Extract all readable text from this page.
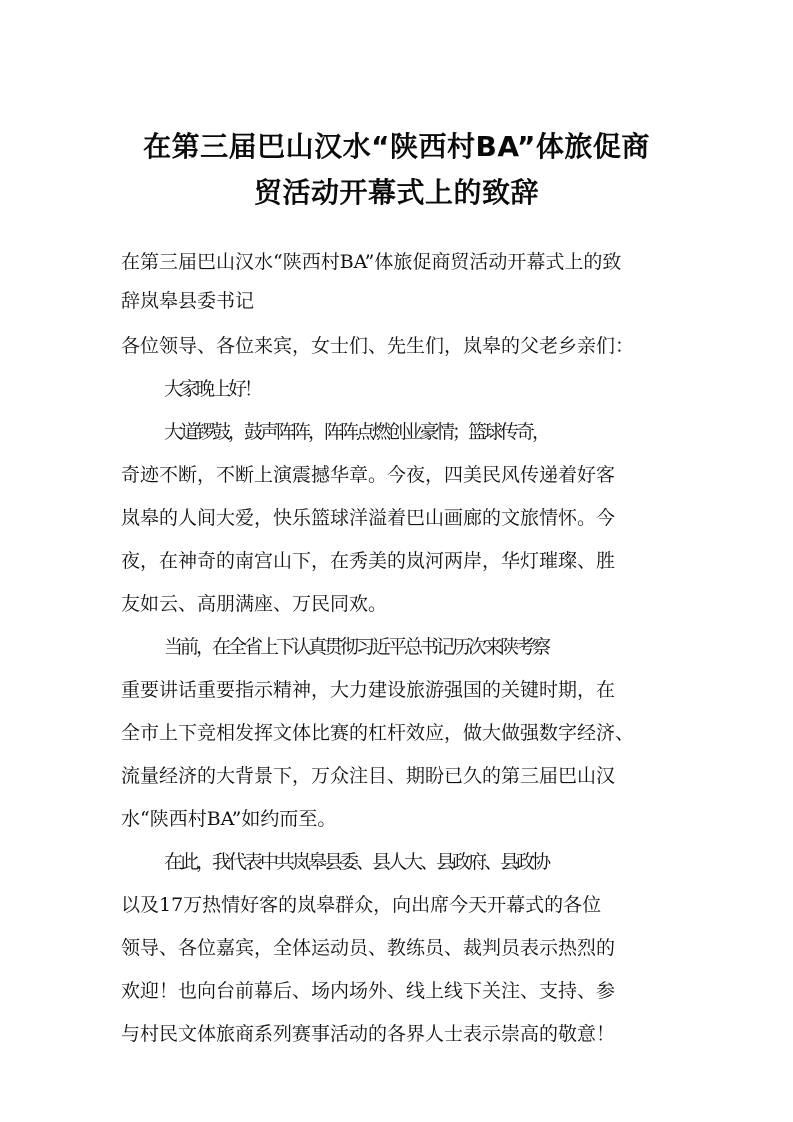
在第三届巴山汉水“陕西村BA”体旅促商
贸活动开幕式上的致辞
在第三届巴山汉水“陕西村BA”体旅促商贸活动开幕式上的致
辞岚皋县委书记
各位领导、各位来宾，女士们、先生们，岚皋的父老乡亲们：
大家晚上好！
大道锣鼓，鼓声阵阵，阵阵点燃创业豪情；篮球传奇，
奇迹不断，不断上演震撼华章。今夜，四美民风传递着好客
岚皋的人间大爱，快乐篮球洋溢着巴山画廊的文旅情怀。今
夜，在神奇的南宫山下，在秀美的岚河两岸，华灯璀璨、胜
友如云、高朋满座、万民同欢。
当前，在全省上下认真贯彻习近平总书记历次来陕考察
重要讲话重要指示精神，大力建设旅游强国的关键时期，在
全市上下竞相发挥文体比赛的杠杆效应，做大做强数字经济、
流量经济的大背景下，万众注目、期盼已久的第三届巴山汉
水“陕西村BA”如约而至。
在此，我代表中共岚皋县委、县人大、县政府、县政协
以及17万热情好客的岚皋群众，向出席今天开幕式的各位
领导、各位嘉宾，全体运动员、教练员、裁判员表示热烈的
欢迎！也向台前幕后、场内场外、线上线下关注、支持、参
与村民文体旅商系列赛事活动的各界人士表示崇高的敬意！
